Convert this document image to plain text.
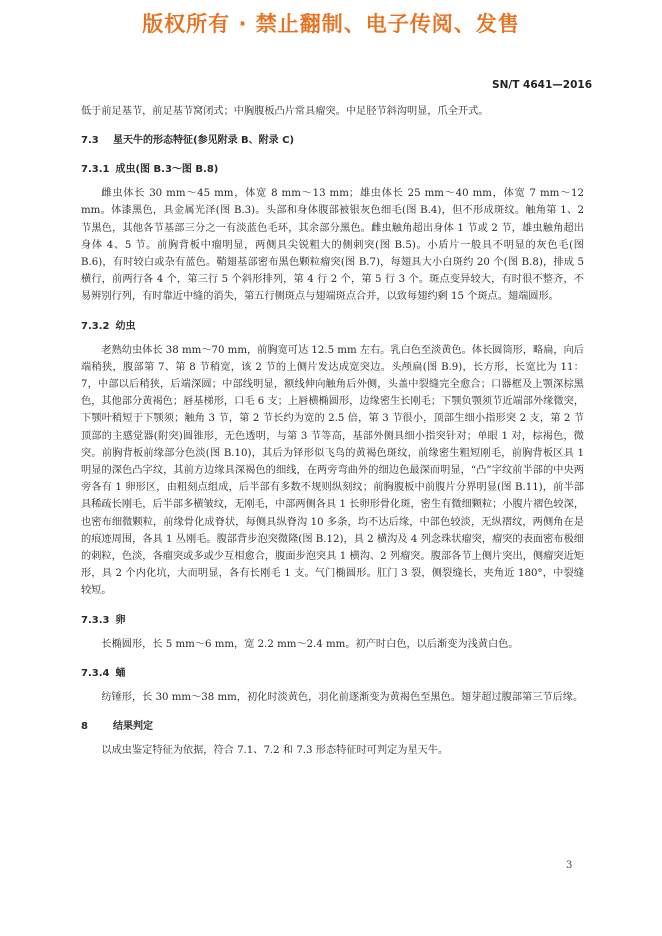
版权所有 · 禁止翻制、电子传阅、发售
SN/T 4641—2016

低于前足基节，前足基节窝闭式；中胸腹板凸片常具瘤突。中足胫节斜沟明显，爪全开式。

7.3 星天牛的形态特征(参见附录 B、附录 C)
7.3.1 成虫(图 B.3～图 B.8)

雌虫体长 30 mm～45 mm，体宽 8 mm～13 mm；雄虫体长 25 mm～40 mm，体宽 7 mm～12 mm。体漆黑色，具金属光泽(图 B.3)。头部和身体腹部被银灰色细毛(图 B.4)，但不形成斑纹。触角第 1、2 节黑色，其他各节基部三分之一有淡蓝色毛环，其余部分黑色。雌虫触角超出身体 1 节或 2 节，雄虫触角超出身体 4、5 节。前胸背板中瘤明显，两侧具尖锐粗大的侧刺突(图 B.5)。小盾片一般具不明显的灰色毛(图 B.6)，有时较白或杂有蓝色。鞘翅基部密布黑色颗粒瘤突(图 B.7)，每翅具大小白斑约 20 个(图 B.8)，排成 5 横行，前两行各 4 个，第三行 5 个斜形排列，第 4 行 2 个，第 5 行 3 个。斑点变异较大，有时很不整齐，不易辨别行列，有时靠近中缝的消失，第五行侧斑点与翅端斑点合并，以致每翅约剩 15 个斑点。翅端圆形。

7.3.2 幼虫

老熟幼虫体长 38 mm～70 mm，前胸宽可达 12.5 mm 左右。乳白色至淡黄色。体长圆筒形，略扁，向后端稍狭，腹部第 7、第 8 节稍宽，该 2 节的上侧片发达成宽突边。头颅扁(图 B.9)，长方形，长宽比为 11：7，中部以后稍狭，后端深圆；中部线明显，额线伸向触角后外侧，头盖中裂缝完全愈合；口器框及上颚深棕黑色，其他部分黄褐色；唇基梯形，口毛 6 支；上唇横椭圆形，边缘密生长刚毛；下颚负颚须节近端部外缘微突，下颚叶稍短于下颚须；触角 3 节，第 2 节长约为宽的 2.5 倍，第 3 节很小，顶部生细小指形突 2 支，第 2 节顶部的主感觉器(附突)圆锥形，无色透明，与第 3 节等高，基部外侧具细小指突针对；单眼 1 对，棕褐色，微突。前胸背板前缘部分色淡(图 B.10)，其后为铎形似飞鸟的黄褐色斑纹，前缘密生粗短刚毛，前胸背板区具 1 明显的深色凸字纹，其前方边缘具深褐色的细线，在两旁弯曲外的细边色最深而明显，“凸”字纹前半部的中央两旁各有 1 卵形区，由粗刻点组成，后半部有多数不规则纵刻纹；前胸腹板中前腹片分界明显(图 B.11)，前半部具稀疏长刚毛，后半部多横皱纹，无刚毛，中部两侧各具 1 长卵形骨化斑，密生有微细颗粒；小腹片褶色较深，也密布细微颗粒，前缘骨化成脊状，每侧具纵脊沟 10 多条，均不达后缘，中部色较淡，无纵褶纹，两侧角在是的痕迹周围，各具 1 丛刚毛。腹部背步泡突微隆(图 B.12)，具 2 横沟及 4 列念珠状瘤突，瘤突的表面密布极细的刺粒，色淡，各瘤突或多或少互相愈合，腹面步泡突具 1 横沟、2 列瘤突。腹部各节上侧片突出，侧瘤突近矩形，具 2 个内化坑，大而明显，各有长刚毛 1 支。气门椭圆形。肛门 3 裂，侧裂缝长，夹角近 180°，中裂缝较短。

7.3.3 卵

长椭圆形，长 5 mm～6 mm，宽 2.2 mm～2.4 mm。初产时白色，以后渐变为浅黄白色。

7.3.4 蛹

纺锤形，长 30 mm～38 mm，初化时淡黄色，羽化前逐渐变为黄褐色至黑色。翅芽超过腹部第三节后缘。

8	结果判定

以成虫鉴定特征为依据，符合 7.1、7.2 和 7.3 形态特征时可判定为星天牛。

3
